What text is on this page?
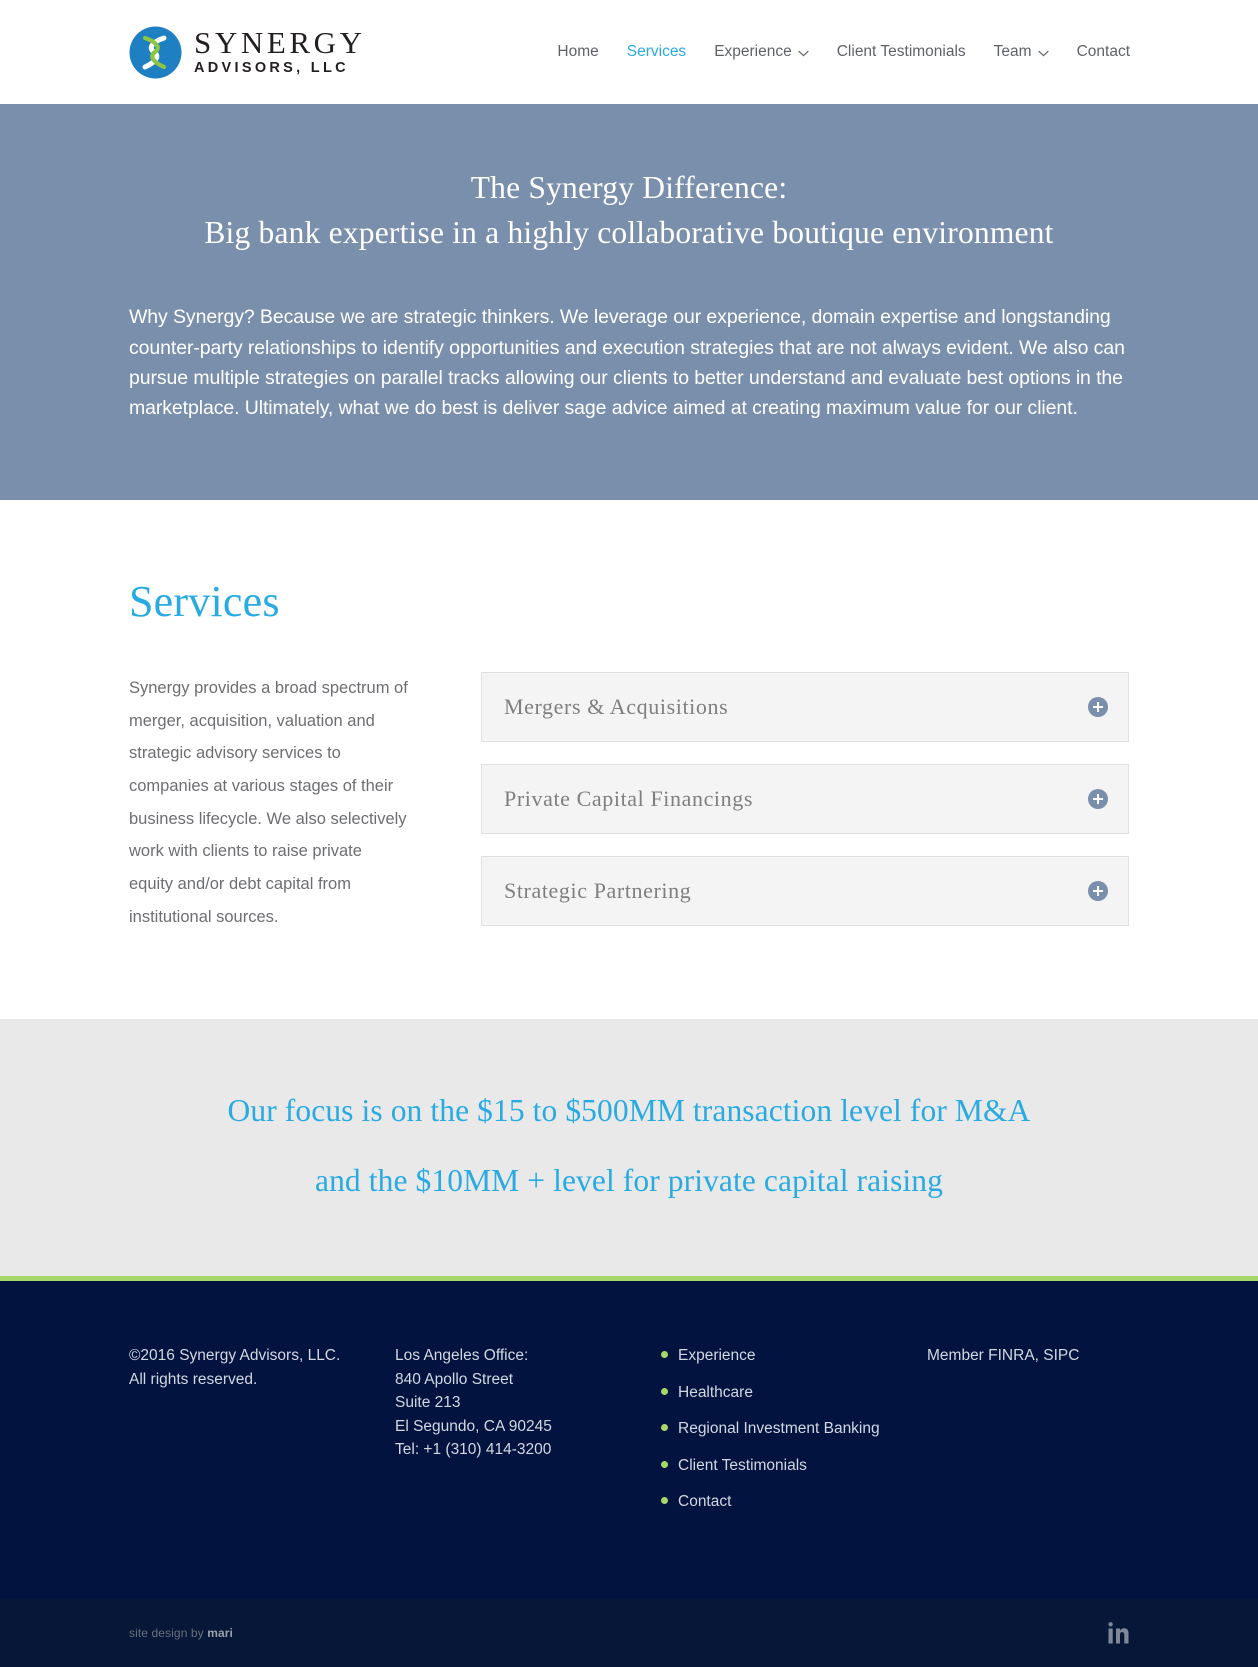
SYNERGY
ADVISORS, LLC
Home Services Experience	Client Testimonials Team	Contact
The Synergy Difference:
Big bank expertise in a highly collaborative boutique environment

Why Synergy? Because we are strategic thinkers. We leverage our experience, domain expertise and longstanding counter-party relationships to identify opportunities and execution strategies that are not always evident. We also can pursue multiple strategies on parallel tracks allowing our clients to better understand and evaluate best options in the marketplace. Ultimately, what we do best is deliver sage advice aimed at creating maximum value for our client.

Services

Synergy provides a broad spectrum of merger, acquisition, valuation and strategic advisory services to companies at various stages of their business lifecycle. We also selectively work with clients to raise private equity and/or debt capital from institutional sources.

Mergers & Acquisitions
Private Capital Financings
Strategic Partnering

Our focus is on the $15 to $500MM transaction level for M&A

and the $10MM + level for private capital raising

©2016 Synergy Advisors, LLC.
All rights reserved.
Los Angeles Office:
840 Apollo Street
Suite 213
El Segundo, CA 90245
Tel: +1 (310) 414-3200
Experience
Healthcare
Regional Investment Banking
Client Testimonials
Contact
Member FINRA, SIPC
site design by mari
